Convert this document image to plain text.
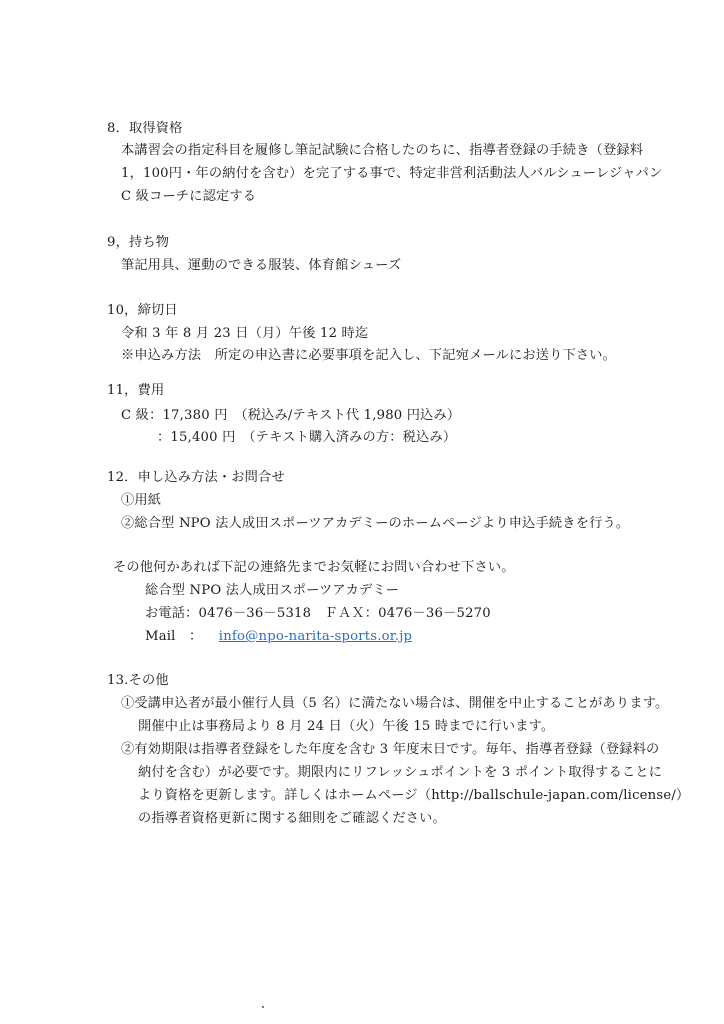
8．取得資格
本講習会の指定科目を履修し筆記試験に合格したのちに、指導者登録の手続き（登録料
1，100円・年の納付を含む）を完了する事で、特定非営利活動法人バルシューレジャパン
C 級コーチに認定する
9，持ち物
筆記用具、運動のできる服装、体育館シューズ
10，締切日
令和 3 年 8 月 23 日（月）午後 12 時迄
※申込み方法　所定の申込書に必要事項を記入し、下記宛メールにお送り下さい。
11，費用
C 級：17,380 円　（税込み/テキスト代 1,980 円込み）
：15,400 円　（テキスト購入済みの方：税込み）
12．申し込み方法・お問合せ
①用紙
②総合型 NPO 法人成田スポーツアカデミーのホームページより申込手続きを行う。
その他何かあれば下記の連絡先までお気軽にお問い合わせ下さい。
総合型 NPO 法人成田スポーツアカデミー
お電話：0476－36－5318　ＦＡＸ：0476－36－5270
Mail　： info@npo-narita-sports.or.jp
13.その他
①受講申込者が最小催行人員（5 名）に満たない場合は、開催を中止することがあります。
開催中止は事務局より 8 月 24 日（火）午後 15 時までに行います。
②有効期限は指導者登録をした年度を含む 3 年度末日です。毎年、指導者登録（登録料の
納付を含む）が必要です。期限内にリフレッシュポイントを 3 ポイント取得することに
より資格を更新します。詳しくはホームページ（http://ballschule-japan.com/license/）
の指導者資格更新に関する細則をご確認ください。
